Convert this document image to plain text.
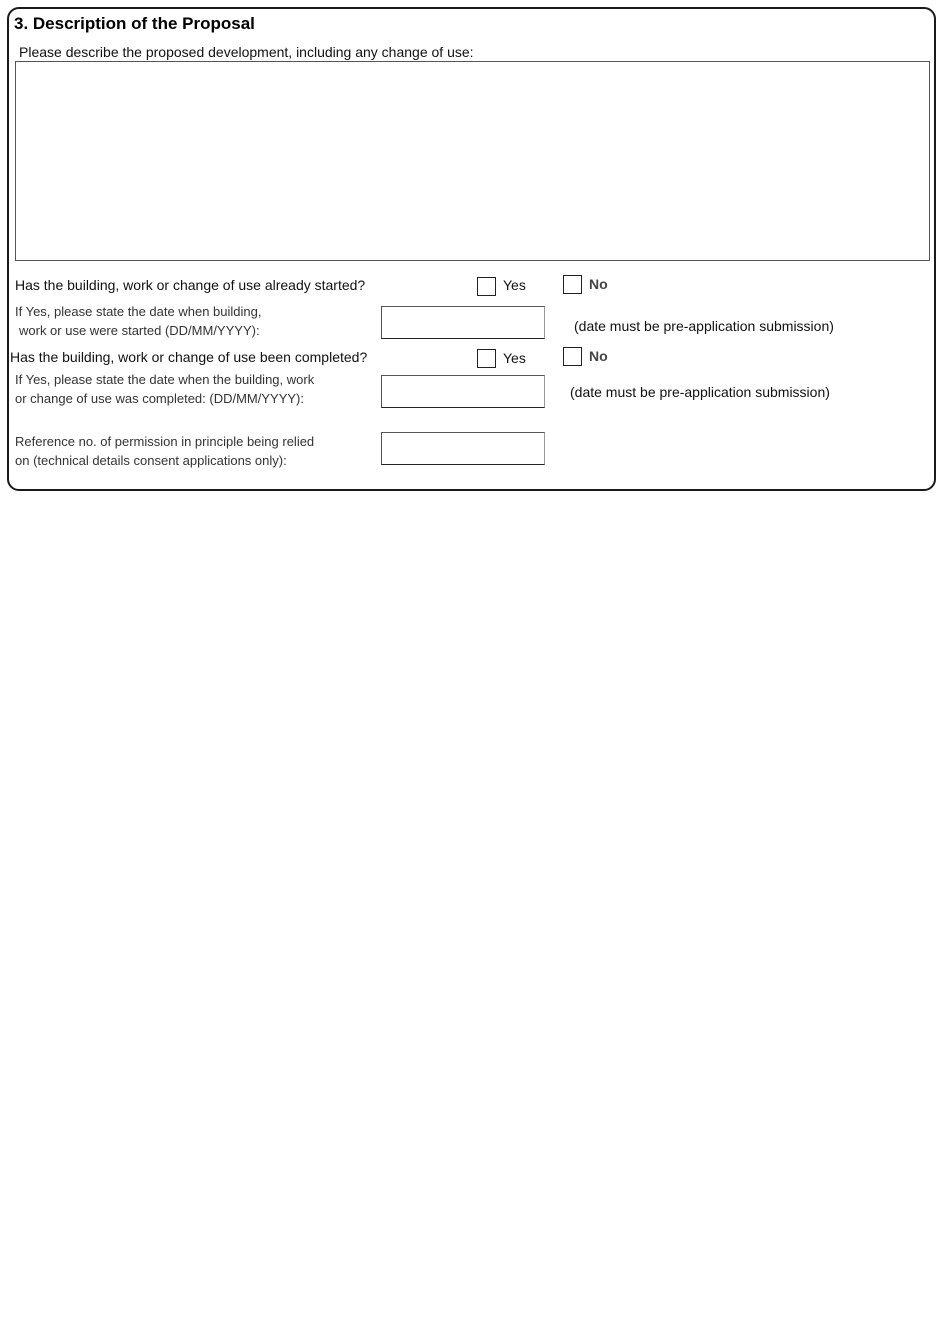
3. Description of the Proposal
Please describe the proposed development, including any change of use:
Has the building, work or change of use already started?	Yes	No
If Yes, please state the date when building,
work or use were started (DD/MM/YYYY):	(date must be pre-application submission)
Has the building, work or change of use been completed?	Yes	No
If Yes, please state the date when the building, work
or change of use was completed: (DD/MM/YYYY):	(date must be pre-application submission)
Reference no. of permission in principle being relied
on (technical details consent applications only):
